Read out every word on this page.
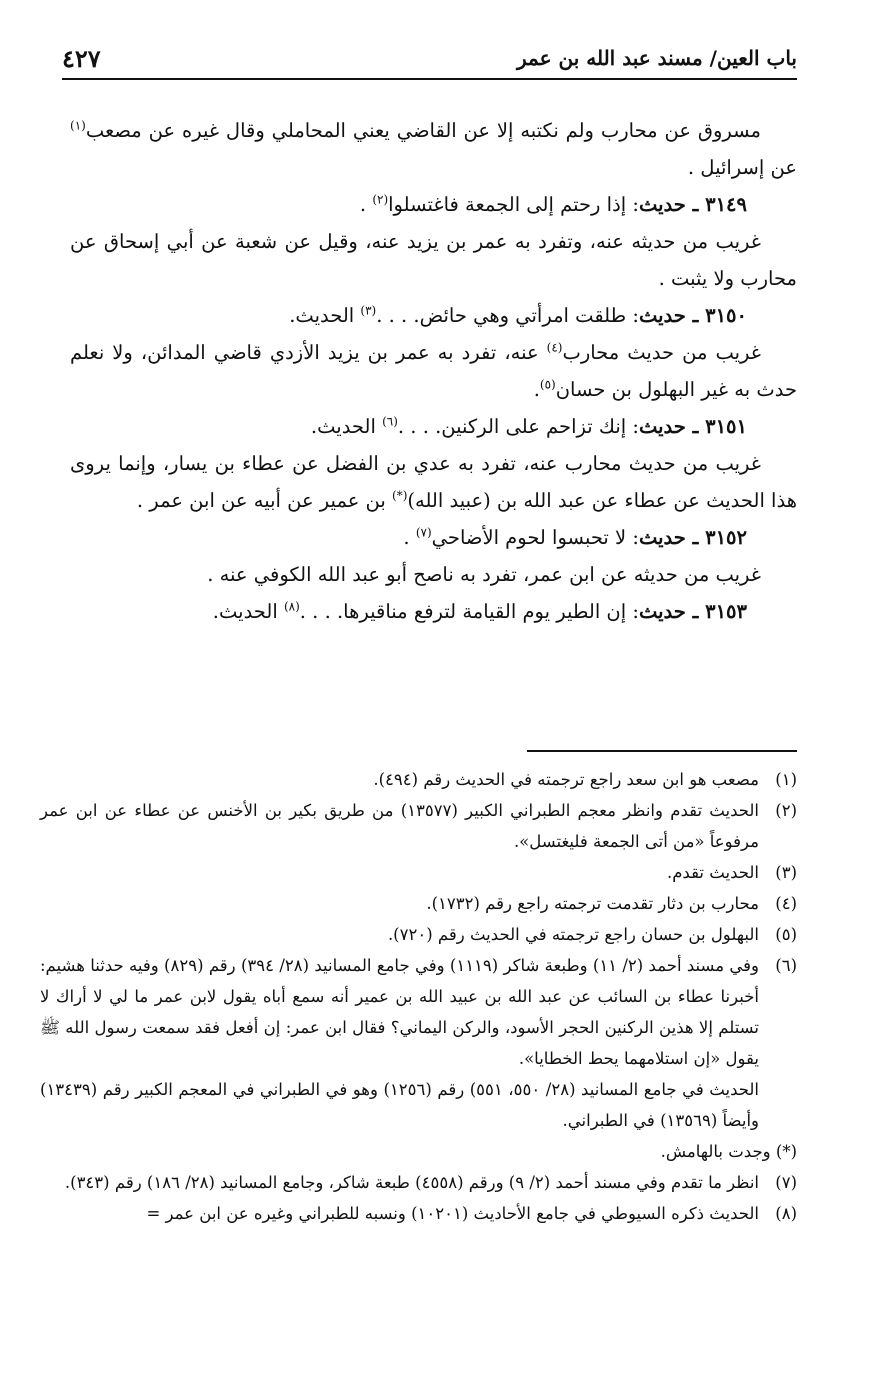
باب العين/ مسند عبد الله بن عمر
٤٢٧

مسروق عن محارب ولم نكتبه إلا عن القاضي يعني المحاملي وقال غيره عن مصعب$^{(١)}$ عن إسرائيل .

٣١٤٩ ـ حديث: إذا رحتم إلى الجمعة فاغتسلوا$^{(٢)}$ .

غريب من حديثه عنه، وتفرد به عمر بن يزيد عنه، وقيل عن شعبة عن أبي إسحاق عن محارب ولا يثبت .

٣١٥٠ ـ حديث: طلقت امرأتي وهي حائض. . . .$^{(٣)}$ الحديث.

غريب من حديث محارب$^{(٤)}$ عنه، تفرد به عمر بن يزيد الأزدي قاضي المدائن، ولا نعلم حدث به غير البهلول بن حسان$^{(٥)}$.

٣١٥١ ـ حديث: إنك تزاحم على الركنين. . . .$^{(٦)}$ الحديث.

غريب من حديث محارب عنه، تفرد به عدي بن الفضل عن عطاء بن يسار، وإنما يروى هذا الحديث عن عطاء عن عبد الله بن (عبيد الله)(*) بن عمير عن أبيه عن ابن عمر .

٣١٥٢ ـ حديث: لا تحبسوا لحوم الأضاحي$^{(٧)}$ .

غريب من حديثه عن ابن عمر، تفرد به ناصح أبو عبد الله الكوفي عنه .

٣١٥٣ ـ حديث: إن الطير يوم القيامة لترفع مناقيرها. . . .$^{(٨)}$ الحديث.

(١)
مصعب هو ابن سعد راجع ترجمته في الحديث رقم (٤٩٤).
(٢)
الحديث تقدم وانظر معجم الطبراني الكبير (١٣٥٧٧) من طريق بكير بن الأخنس عن عطاء عن ابن عمر مرفوعاً «من أتى الجمعة فليغتسل».
(٣)
الحديث تقدم.
(٤)
محارب بن دثار تقدمت ترجمته راجع رقم (١٧٣٢).
(٥)
البهلول بن حسان راجع ترجمته في الحديث رقم (٧٢٠).
(٦)
وفي مسند أحمد (٢/ ١١) وطبعة شاكر (١١١٩) وفي جامع المسانيد (٢٨/ ٣٩٤) رقم (٨٢٩) وفيه حدثنا هشيم: أخبرنا عطاء بن السائب عن عبد الله بن عبيد الله بن عمير أنه سمع أباه يقول لابن عمر ما لي لا أراك لا تستلم إلا هذين الركنين الحجر الأسود، والركن اليماني؟ فقال ابن عمر: إن أفعل فقد سمعت رسول الله ﷺ يقول «إن استلامهما يحط الخطايا».
الحديث في جامع المسانيد (٢٨/ ٥٥٠، ٥٥١) رقم (١٢٥٦) وهو في الطبراني في المعجم الكبير رقم (١٣٤٣٩) وأيضاً (١٣٥٦٩) في الطبراني.
(*) وجدت بالهامش.
(٧)
انظر ما تقدم وفي مسند أحمد (٢/ ٩) ورقم (٤٥٥٨) طبعة شاكر، وجامع المسانيد (٢٨/ ١٨٦) رقم (٣٤٣).
(٨)
الحديث ذكره السيوطي في جامع الأحاديث (١٠٢٠١) ونسبه للطبراني وغيره عن ابن عمر =
